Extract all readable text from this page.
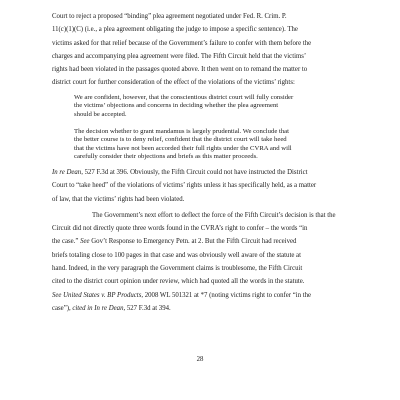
Court to reject a proposed “binding” plea agreement negotiated under Fed. R. Crim. P.
11(c)(1)(C) (i.e., a plea agreement obligating the judge to impose a specific sentence). The
victims asked for that relief because of the Government’s failure to confer with them before the
charges and accompanying plea agreement were filed. The Fifth Circuit held that the victims’
rights had been violated in the passages quoted above. It then went on to remand the matter to
district court for further consideration of the effect of the violations of the victims’ rights:

We are confident, however, that the conscientious district court will fully consider
the victims’ objections and concerns in deciding whether the plea agreement
should be accepted.

The decision whether to grant mandamus is largely prudential. We conclude that
the better course is to deny relief, confident that the district court will take heed
that the victims have not been accorded their full rights under the CVRA and will
carefully consider their objections and briefs as this matter proceeds.

In re Dean, 527 F.3d at 396. Obviously, the Fifth Circuit could not have instructed the District
Court to “take heed” of the violations of victims’ rights unless it has specifically held, as a matter
of law, that the victims’ rights had been violated.

The Government’s next effort to deflect the force of the Fifth Circuit’s decision is that the
Circuit did not directly quote three words found in the CVRA’s right to confer – the words “in
the case.” See Gov’t Response to Emergency Petn. at 2. But the Fifth Circuit had received
briefs totaling close to 100 pages in that case and was obviously well aware of the statute at
hand. Indeed, in the very paragraph the Government claims is troublesome, the Fifth Circuit
cited to the district court opinion under review, which had quoted all the words in the statute.
See United States v. BP Products, 2008 WL 501321 at *7 (noting victims right to confer “in the
case”), cited in In re Dean, 527 F.3d at 394.

28
